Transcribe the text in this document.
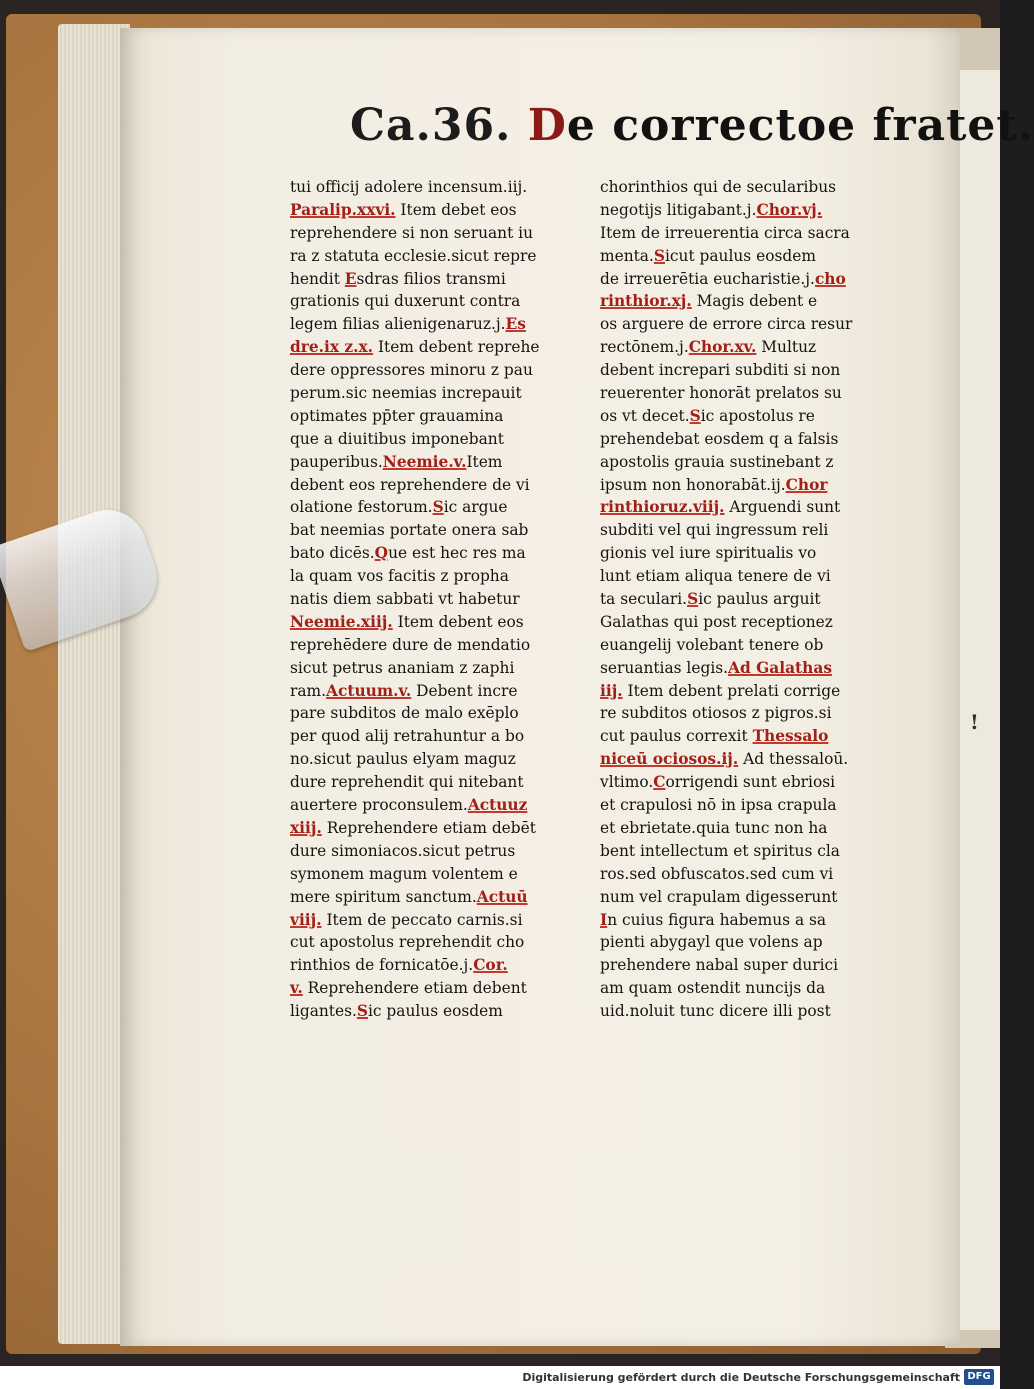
!
Ca.36. De correctoe fratet.
tui officij adolere incensum.iij.
Paralip.xxvi. Item debet eos
reprehendere si non seruant iu
ra z statuta ecclesie.sicut repre
hendit Esdras filios transmi
grationis qui duxerunt contra
legem filias alienigenaruz.j.Es
dre.ix z.x. Item debent reprehe
dere oppressores minoru z pau
perum.sic neemias increpauit
optimates pp̄ter grauamina
que a diuitibus imponebant
pauperibus.Neemie.v.Item
debent eos reprehendere de vi
olatione festorum.Sic argue
bat neemias portate onera sab
bato dicēs.Que est hec res ma
la quam vos facitis z propha
natis diem sabbati vt habetur
Neemie.xiij. Item debent eos
reprehēdere dure de mendatio
sicut petrus ananiam z zaphi
ram.Actuum.v. Debent incre
pare subditos de malo exēplo
per quod alij retrahuntur a bo
no.sicut paulus elyam maguz
dure reprehendit qui nitebant
auertere proconsulem.Actuuz
xiij. Reprehendere etiam debēt
dure simoniacos.sicut petrus
symonem magum volentem e
mere spiritum sanctum.Actuū
viij. Item de peccato carnis.si
cut apostolus reprehendit cho
rinthios de fornicatōe.j.Cor.
v. Reprehendere etiam debent
ligantes.Sic paulus eosdem
chorinthios qui de secularibus
negotijs litigabant.j.Chor.vj.
Item de irreuerentia circa sacra
menta.Sicut paulus eosdem
de irreuerētia eucharistie.j.cho
rinthior.xj. Magis debent e
os arguere de errore circa resur
rectōnem.j.Chor.xv. Multuz
debent increpari subditi si non
reuerenter honorāt prelatos su
os vt decet.Sic apostolus re
prehendebat eosdem q a falsis
apostolis grauia sustinebant z
ipsum non honorabāt.ij.Chor
rinthioruz.viij. Arguendi sunt
subditi vel qui ingressum reli
gionis vel iure spiritualis vo
lunt etiam aliqua tenere de vi
ta seculari.Sic paulus arguit
Galathas qui post receptionez
euangelij volebant tenere ob
seruantias legis.Ad Galathas
iij. Item debent prelati corrige
re subditos otiosos z pigros.si
cut paulus correxit Thessalo
niceū ociosos.ij. Ad thessaloū.
vltimo.Corrigendi sunt ebriosi
et crapulosi nō in ipsa crapula
et ebrietate.quia tunc non ha
bent intellectum et spiritus cla
ros.sed obfuscatos.sed cum vi
num vel crapulam digesserunt
In cuius figura habemus a sa
pienti abygayl que volens ap
prehendere nabal super durici
am quam ostendit nuncijs da
uid.noluit tunc dicere illi post
Digitalisierung gefördert durch die Deutsche Forschungsgemeinschaft DFG
